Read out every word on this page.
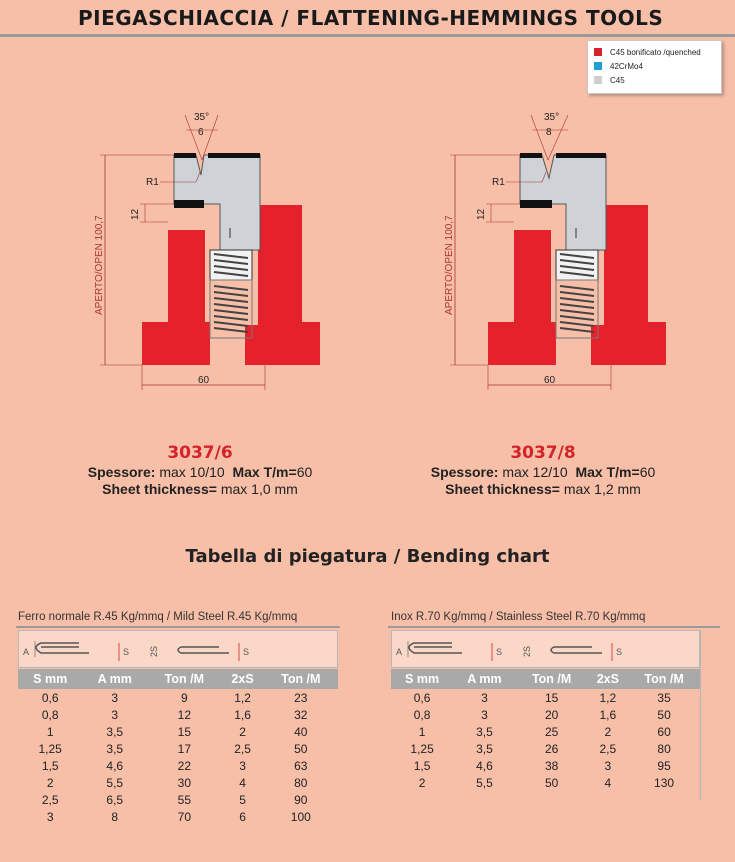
PIEGASCHIACCIA / FLATTENING-HEMMINGS TOOLS
C45 bonificato /quenched
42CrMo4
C45
35°
6
R1
12
APERTO/OPEN 100,7
60
35°
8
R1
12
APERTO/OPEN 100,7
60
3037/6
Spessore: max 10/10 Max T/m=60
Sheet thickness= max 1,0 mm
3037/8
Spessore: max 12/10 Max T/m=60
Sheet thickness= max 1,2 mm
Tabella di piegatura / Bending chart
Ferro normale R.45 Kg/mmq / Mild Steel R.45 Kg/mmq
A	S 2S	S
S mm	A mm	Ton /M	2xS	Ton /M
0,6	3	9	1,2	23
0,8	3	12	1,6	32
1	3,5	15	2	40
1,25	3,5	17	2,5	50
1,5	4,6	22	3	63
2	5,5	30	4	80
2,5	6,5	55	5	90
3	8	70	6	100
Inox R.70 Kg/mmq / Stainless Steel R.70 Kg/mmq
A	S 2S	S
S mm	A mm	Ton /M	2xS	Ton /M
0,6	3	15	1,2	35
0,8	3	20	1,6	50
1	3,5	25	2	60
1,25	3,5	26	2,5	80
1,5	4,6	38	3	95
2	5,5	50	4	130
